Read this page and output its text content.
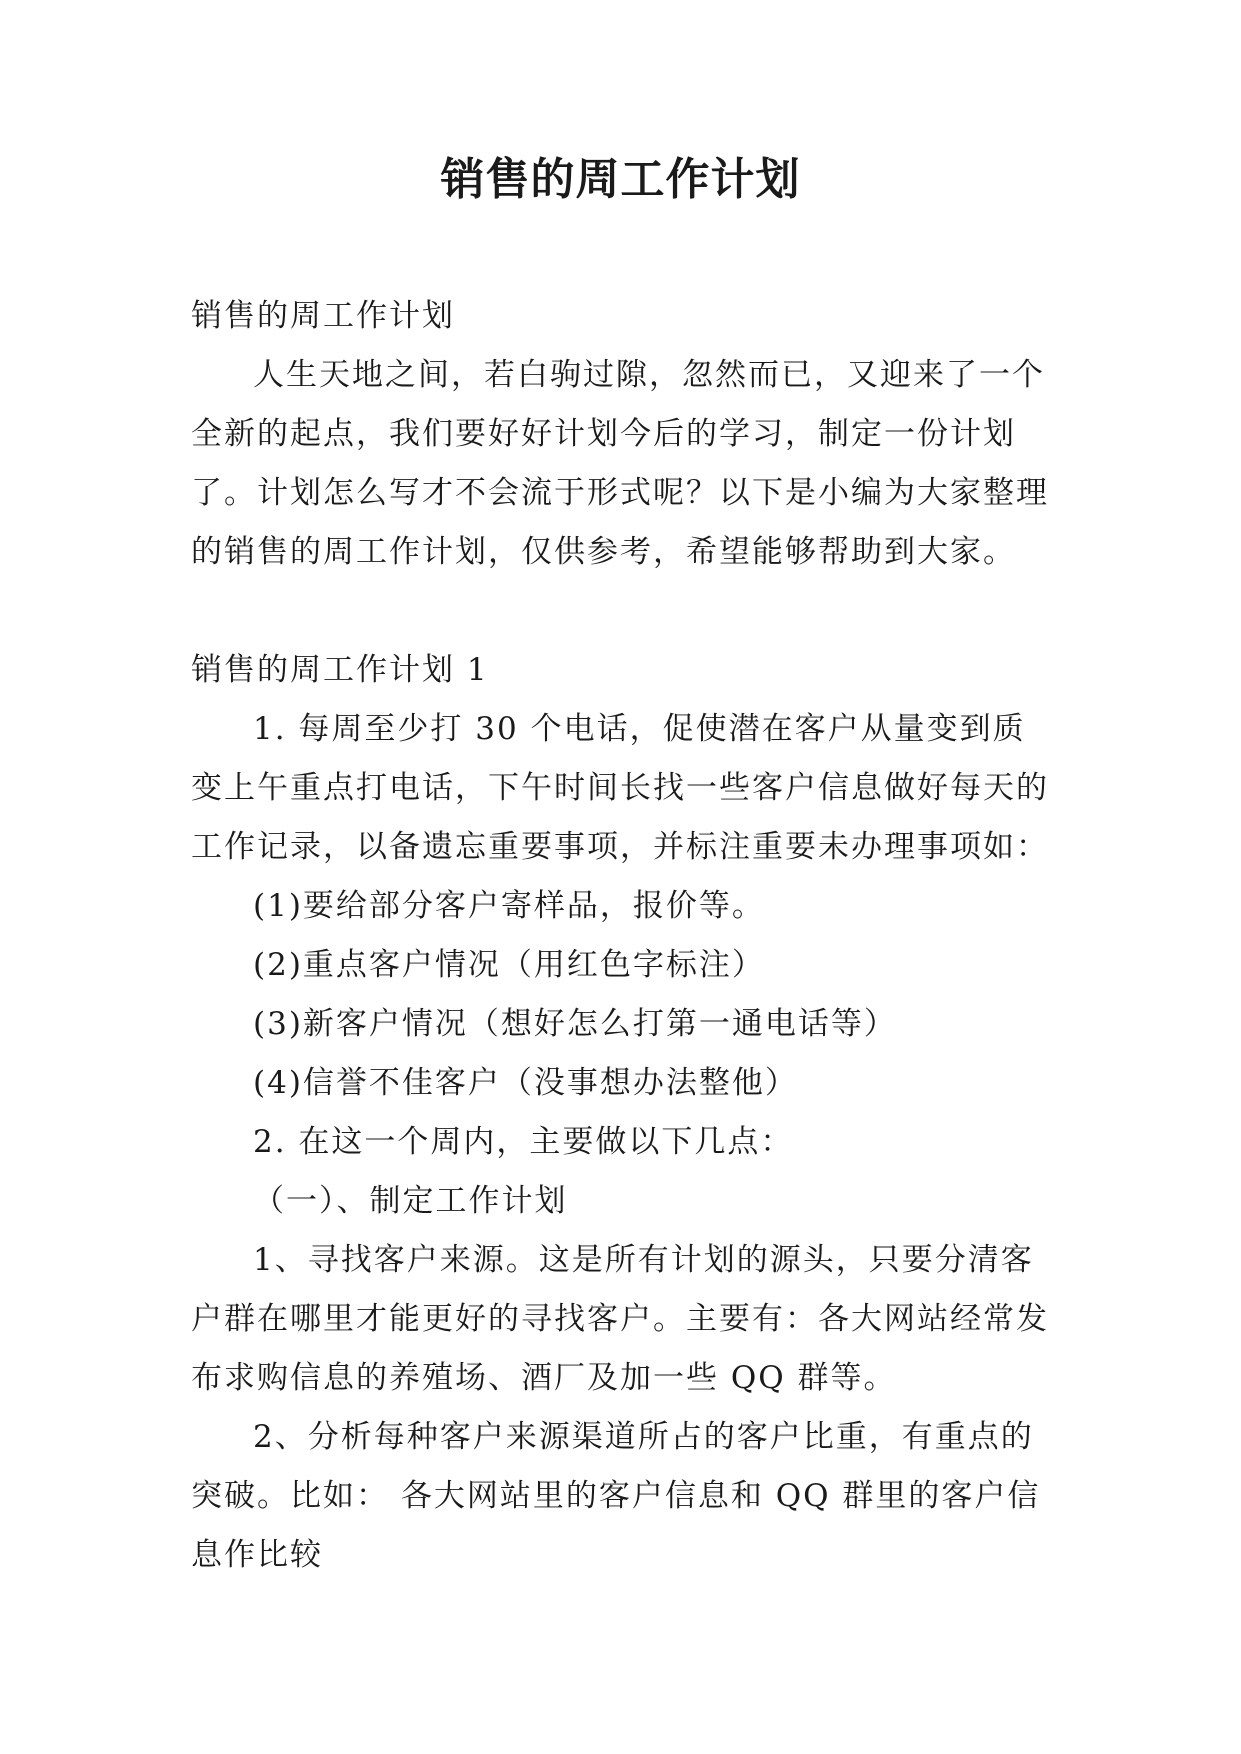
销售的周工作计划

销售的周工作计划

人生天地之间，若白驹过隙，忽然而已，又迎来了一个全新的起点，我们要好好计划今后的学习，制定一份计划了。计划怎么写才不会流于形式呢？以下是小编为大家整理的销售的周工作计划，仅供参考，希望能够帮助到大家。

销售的周工作计划 1

1. 每周至少打 30 个电话，促使潜在客户从量变到质变上午重点打电话，下午时间长找一些客户信息做好每天的工作记录，以备遗忘重要事项，并标注重要未办理事项如：

(1)要给部分客户寄样品，报价等。

(2)重点客户情况（用红色字标注）

(3)新客户情况（想好怎么打第一通电话等）

(4)信誉不佳客户（没事想办法整他）

2. 在这一个周内，主要做以下几点：

（一）、制定工作计划

1、寻找客户来源。这是所有计划的源头，只要分清客户群在哪里才能更好的寻找客户。主要有：各大网站经常发布求购信息的养殖场、酒厂及加一些 QQ 群等。

2、分析每种客户来源渠道所占的客户比重，有重点的突破。比如： 各大网站里的客户信息和 QQ 群里的客户信息作比较
